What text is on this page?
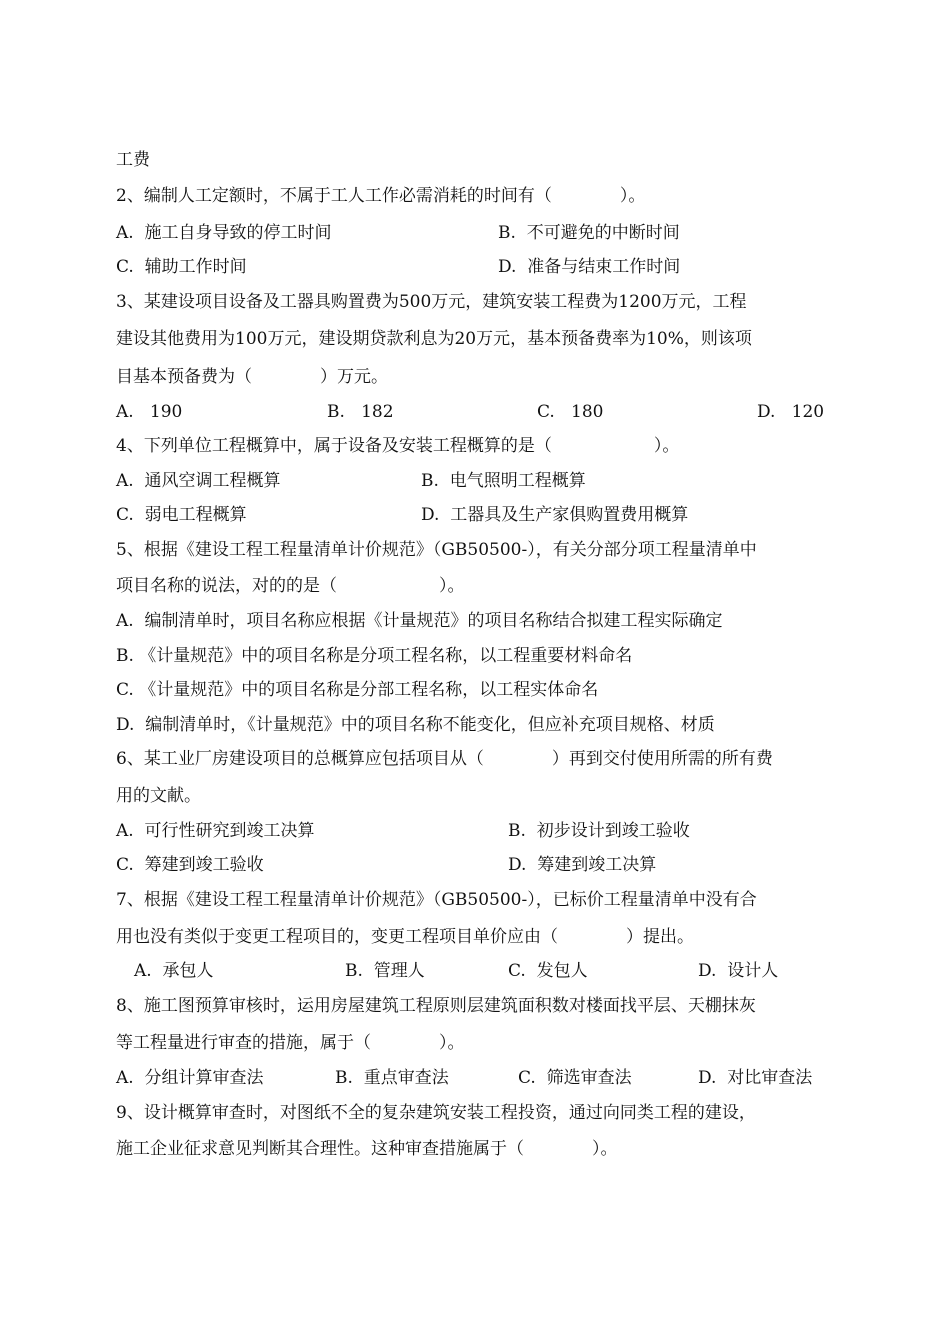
工费
2、编制人工定额时，不属于工人工作必需消耗的时间有（　　　　）。
A.  施工自身导致的停工时间	B.  不可避免的中断时间
C.  辅助工作时间	D.  准备与结束工作时间
3、某建设项目设备及工器具购置费为500万元，建筑安装工程费为1200万元，工程
建设其他费用为100万元，建设期贷款利息为20万元，基本预备费率为10%，则该项
目基本预备费为（　　　　）万元。
A.   190	B.   182	C.   180	D.   120
4、下列单位工程概算中，属于设备及安装工程概算的是（　　　　　　）。
A.  通风空调工程概算	B.  电气照明工程概算
C.  弱电工程概算	D.  工器具及生产家俱购置费用概算
5、根据《建设工程工程量清单计价规范》（GB50500-），有关分部分项工程量清单中
项目名称的说法，对的的是（　　　　　　）。
A.  编制清单时，项目名称应根据《计量规范》的项目名称结合拟建工程实际确定
B. 《计量规范》中的项目名称是分项工程名称，以工程重要材料命名
C. 《计量规范》中的项目名称是分部工程名称，以工程实体命名
D.  编制清单时，《计量规范》中的项目名称不能变化，但应补充项目规格、材质
6、某工业厂房建设项目的总概算应包括项目从（　　　　）再到交付使用所需的所有费
用的文献。
A.  可行性研究到竣工决算	B.  初步设计到竣工验收
C.  筹建到竣工验收	D.  筹建到竣工决算
7、根据《建设工程工程量清单计价规范》（GB50500-），已标价工程量清单中没有合
用也没有类似于变更工程项目的，变更工程项目单价应由（　　　　）提出。
A.  承包人	B.  管理人	C.  发包人	D.  设计人
8、施工图预算审核时，运用房屋建筑工程原则层建筑面积数对楼面找平层、天棚抹灰
等工程量进行审查的措施，属于（　　　　）。
A.  分组计算审查法	B.  重点审查法	C.  筛选审查法	D.  对比审查法
9、设计概算审查时，对图纸不全的复杂建筑安装工程投资，通过向同类工程的建设，
施工企业征求意见判断其合理性。这种审查措施属于（　　　　）。
